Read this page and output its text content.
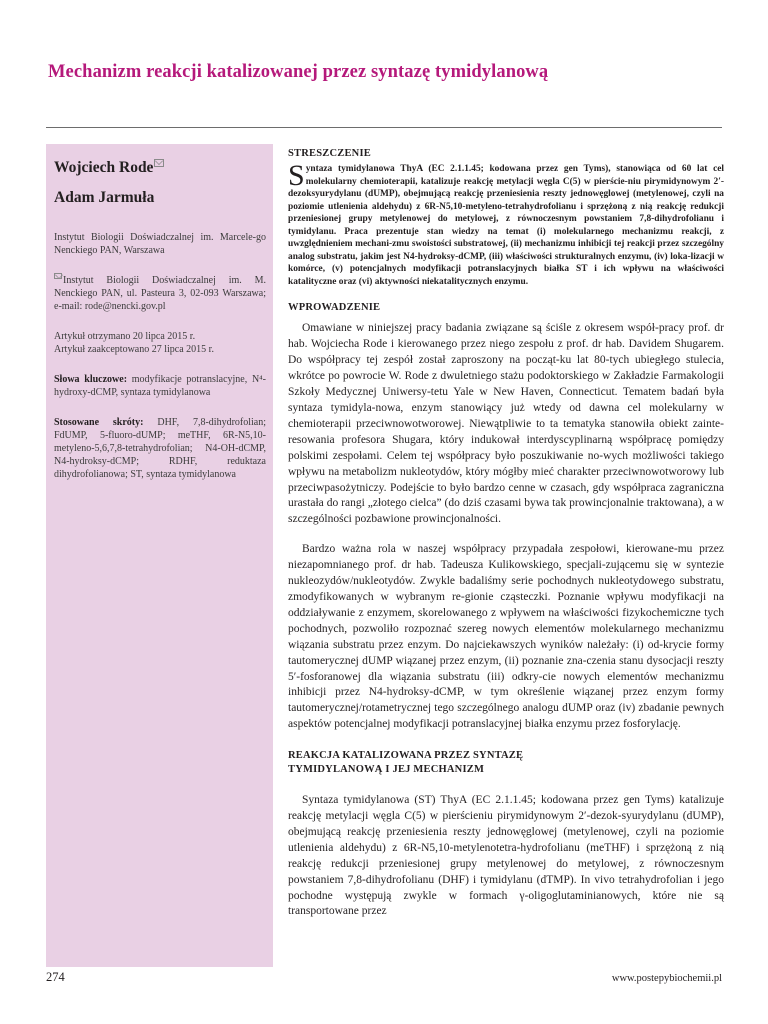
Mechanizm reakcji katalizowanej przez syntazę tymidylanową
Wojciech Rode
Adam Jarmuła
Instytut Biologii Doświadczalnej im. Marcele-go Nenckiego PAN, Warszawa
Instytut Biologii Doświadczalnej im. M. Nenckiego PAN, ul. Pasteura 3, 02-093 Warszawa; e-mail: rode@nencki.gov.pl
Artykuł otrzymano 20 lipca 2015 r.
Artykuł zaakceptowano 27 lipca 2015 r.
Słowa kluczowe: modyfikacje potranslacyjne, N⁴-hydroxy-dCMP, syntaza tymidylanowa
Stosowane skróty: DHF, 7,8-dihydrofolian; FdUMP, 5-fluoro-dUMP; meTHF, 6R-N5,10-metyleno-5,6,7,8-tetrahydrofolian; N4-OH-dCMP, N4-hydroksy-dCMP; RDHF, reduktaza dihydrofolianowa; ST, syntaza tymidylanowa
STRESZCZENIE
Syntaza tymidylanowa ThyA (EC 2.1.1.45; kodowana przez gen Tyms), stanowiąca od 60 lat cel molekularny chemioterapii, katalizuje reakcję metylacji węgla C(5) w pierście-niu pirymidynowym 2′-dezoksyurydylanu (dUMP), obejmującą reakcję przeniesienia reszty jednowęglowej (metylenowej, czyli na poziomie utlenienia aldehydu) z 6R-N5,10-metyleno-tetrahydrofolianu i sprzężoną z nią reakcję redukcji przeniesionej grupy metylenowej do metylowej, z równoczesnym powstaniem 7,8-dihydrofolianu i tymidylanu. Praca prezentuje stan wiedzy na temat (i) molekularnego mechanizmu reakcji, z uwzględnieniem mechani-zmu swoistości substratowej, (ii) mechanizmu inhibicji tej reakcji przez szczególny analog substratu, jakim jest N4-hydroksy-dCMP, (iii) właściwości strukturalnych enzymu, (iv) loka-lizacji w komórce, (v) potencjalnych modyfikacji potranslacyjnych białka ST i ich wpływu na właściwości katalityczne oraz (vi) aktywności niekatalitycznych enzymu.
WPROWADZENIE

Omawiane w niniejszej pracy badania związane są ściśle z okresem współ-pracy prof. dr hab. Wojciecha Rode i kierowanego przez niego zespołu z prof. dr hab. Davidem Shugarem. Do współpracy tej zespół został zaproszony na począt-ku lat 80-tych ubiegłego stulecia, wkrótce po powrocie W. Rode z dwuletniego stażu podoktorskiego w Zakładzie Farmakologii Szkoły Medycznej Uniwersy-tetu Yale w New Haven, Connecticut. Tematem badań była syntaza tymidyla-nowa, enzym stanowiący już wtedy od dawna cel molekularny w chemioterapii przeciwnowotworowej. Niewątpliwie to ta tematyka stanowiła obiekt zainte-resowania profesora Shugara, który indukował interdyscyplinarną współpracę pomiędzy polskimi zespołami. Celem tej współpracy było poszukiwanie no-wych możliwości takiego wpływu na metabolizm nukleotydów, który mógłby mieć charakter przeciwnowotworowy lub przeciwpasożytniczy. Podejście to było bardzo cenne w czasach, gdy współpraca zagraniczna urastała do rangi „złotego cielca” (do dziś czasami bywa tak prowincjonalnie traktowana), a w szczególności pozbawione prowincjonalności.

Bardzo ważna rola w naszej współpracy przypadała zespołowi, kierowane-mu przez niezapomnianego prof. dr hab. Tadeusza Kulikowskiego, specjali-zującemu się w syntezie nukleozydów/nukleotydów. Zwykle badaliśmy serie pochodnych nukleotydowego substratu, zmodyfikowanych w wybranym re-gionie cząsteczki. Poznanie wpływu modyfikacji na oddziaływanie z enzymem, skorelowanego z wpływem na właściwości fizykochemiczne tych pochodnych, pozwoliło rozpoznać szereg nowych elementów molekularnego mechanizmu wiązania substratu przez enzym. Do najciekawszych wyników należały: (i) od-krycie formy tautomerycznej dUMP wiązanej przez enzym, (ii) poznanie zna-czenia stanu dysocjacji reszty 5′-fosforanowej dla wiązania substratu (iii) odkry-cie nowych elementów mechanizmu inhibicji przez N4-hydroksy-dCMP, w tym określenie wiązanej przez enzym formy tautomerycznej/rotametrycznej tego szczególnego analogu dUMP oraz (iv) zbadanie pewnych aspektów potencjalnej modyfikacji potranslacyjnej białka enzymu przez fosforylację.

REAKCJA KATALIZOWANA PRZEZ SYNTAZĘ TYMIDYLANOWĄ I JEJ MECHANIZM

Syntaza tymidylanowa (ST) ThyA (EC 2.1.1.45; kodowana przez gen Tyms) katalizuje reakcję metylacji węgla C(5) w pierścieniu pirymidynowym 2′-dezok-syurydylanu (dUMP), obejmującą reakcję przeniesienia reszty jednowęglowej (metylenowej, czyli na poziomie utlenienia aldehydu) z 6R-N5,10-metylenotetra-hydrofolianu (meTHF) i sprzężoną z nią reakcję redukcji przeniesionej grupy metylenowej do metylowej, z równoczesnym powstaniem 7,8-dihydrofolianu (DHF) i tymidylanu (dTMP). In vivo tetrahydrofolian i jego pochodne występują zwykle w formach γ-oligoglutaminianowych, które nie są transportowane przez

274	www.postepybiochemii.pl
